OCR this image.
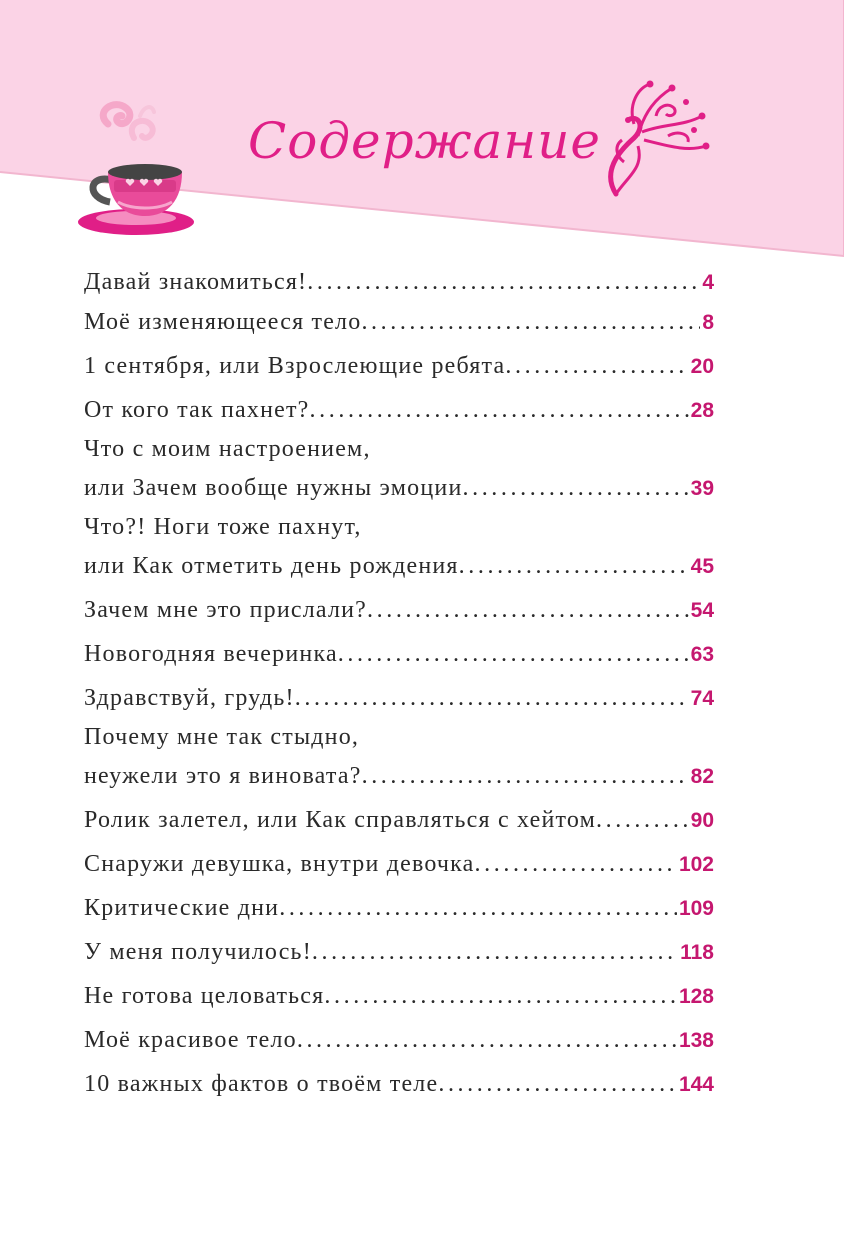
Содержание
Давай знакомиться! .....	4
Моё изменяющееся тело .....	8
1 сентября, или Взрослеющие ребята .....	20
От кого так пахнет? .....	28
Что с моим настроением,
или Зачем вообще нужны эмоции .....	39
Что?! Ноги тоже пахнут,
или Как отметить день рождения .....	45
Зачем мне это прислали? .....	54
Новогодняя вечеринка .....	63
Здравствуй, грудь! .....	74
Почему мне так стыдно,
неужели это я виновата? .....	82
Ролик залетел, или Как справляться с хейтом .....	90
Снаружи девушка, внутри девочка .....	102
Критические дни .....	109
У меня получилось! .....	118
Не готова целоваться .....	128
Моё красивое тело .....	138
10 важных фактов о твоём теле .....	144
